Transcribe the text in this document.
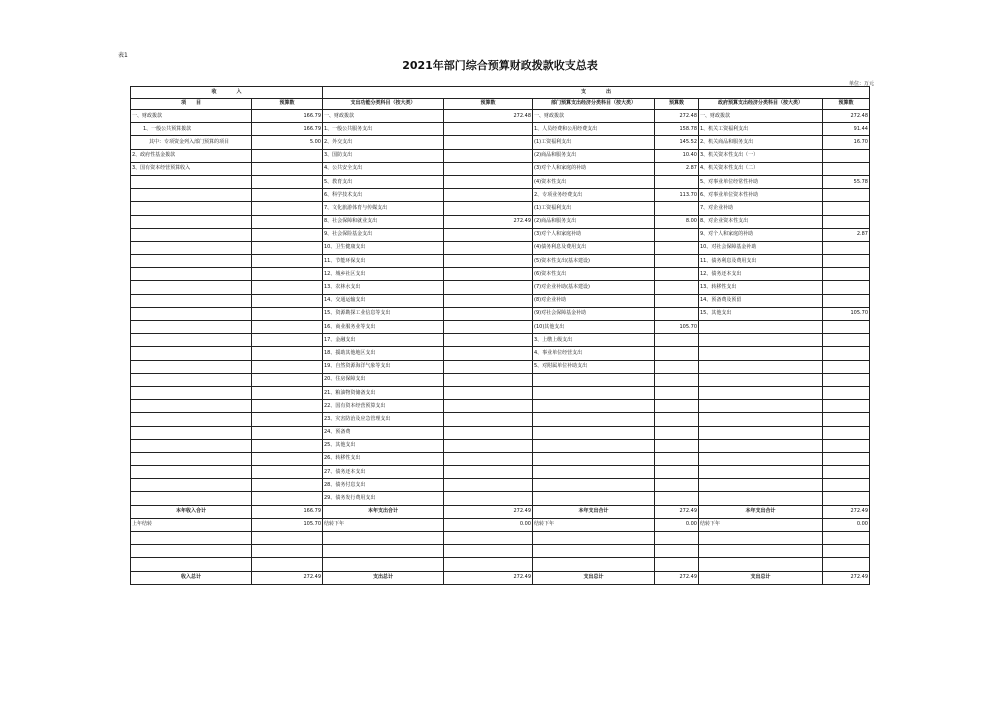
表1
2021年部门综合预算财政拨款收支总表
单位：万元
收　　　　入		支　　　　出					
项　　目	预算数	支出功能分类科目（按大类）	预算数	部门预算支出经济分类科目（按大类）	预算数	政府预算支出经济分类科目（按大类）	预算数
一、财政拨款	166.79	一、财政拨款	272.48	一、财政拨款	272.48	一、财政拨款	272.48
1、一般公共预算拨款	166.79	1、一般公共服务支出		1、人员经费和公用经费支出	158.78	1、机关工资福利支出	91.44
其中：专项资金列入部门预算的项目	5.00	2、外交支出		(1)工资福利支出	145.52	2、机关商品和服务支出	16.70
2、政府性基金拨款		3、国防支出		(2)商品和服务支出	10.40	3、机关资本性支出（一）	
3、国有资本经营预算收入		4、公共安全支出		(3)对个人和家庭的补助	2.87	4、机关资本性支出（二）	
		5、教育支出		(4)资本性支出		5、对事业单位经常性补助	55.78
		6、科学技术支出		2、专项业务经费支出	113.70	6、对事业单位资本性补助	
		7、文化旅游体育与传媒支出		(1)工资福利支出		7、对企业补助	
		8、社会保障和就业支出	272.49	(2)商品和服务支出	8.00	8、对企业资本性支出	
		9、社会保险基金支出		(3)对个人和家庭补助		9、对个人和家庭的补助	2.87
		10、卫生健康支出		(4)债务利息及费用支出		10、对社会保障基金补助	
		11、节能环保支出		(5)资本性支出(基本建设)		11、债务利息及费用支出	
		12、城乡社区支出		(6)资本性支出		12、债务还本支出	
		13、农林水支出		(7)对企业补助(基本建设)		13、转移性支出	
		14、交通运输支出		(8)对企业补助		14、预备费及预留	
		15、资源勘探工业信息等支出		(9)对社会保障基金补助		15、其他支出	105.70
		16、商业服务业等支出		(10)其他支出	105.70		
		17、金融支出		3、上缴上级支出			
		18、援助其他地区支出		4、事业单位经营支出			
		19、自然资源海洋气象等支出		5、对附属单位补助支出			
		20、住房保障支出					
		21、粮油物资储备支出					
		22、国有资本经营预算支出					
		23、灾害防治及应急管理支出					
		24、预备费					
		25、其他支出					
		26、转移性支出					
		27、债务还本支出					
		28、债务付息支出					
		29、债务发行费用支出					
本年收入合计	166.79	本年支出合计	272.49	本年支出合计	272.49	本年支出合计	272.49
上年结转	105.70	结转下年	0.00	结转下年	0.00	结转下年	0.00

收入总计	272.49	支出总计	272.49	支出总计	272.49	支出总计	272.49
